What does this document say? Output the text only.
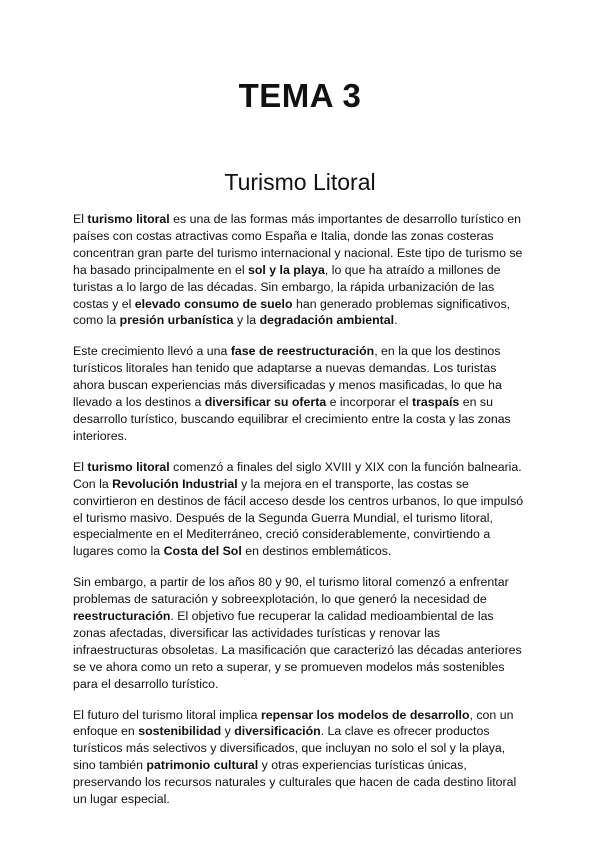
TEMA 3
Turismo Litoral

El turismo litoral es una de las formas más importantes de desarrollo turístico en países con costas atractivas como España e Italia, donde las zonas costeras concentran gran parte del turismo internacional y nacional. Este tipo de turismo se ha basado principalmente en el sol y la playa, lo que ha atraído a millones de turistas a lo largo de las décadas. Sin embargo, la rápida urbanización de las costas y el elevado consumo de suelo han generado problemas significativos, como la presión urbanística y la degradación ambiental.

Este crecimiento llevó a una fase de reestructuración, en la que los destinos turísticos litorales han tenido que adaptarse a nuevas demandas. Los turistas ahora buscan experiencias más diversificadas y menos masificadas, lo que ha llevado a los destinos a diversificar su oferta e incorporar el traspaís en su desarrollo turístico, buscando equilibrar el crecimiento entre la costa y las zonas interiores.

El turismo litoral comenzó a finales del siglo XVIII y XIX con la función balnearia. Con la Revolución Industrial y la mejora en el transporte, las costas se convirtieron en destinos de fácil acceso desde los centros urbanos, lo que impulsó el turismo masivo. Después de la Segunda Guerra Mundial, el turismo litoral, especialmente en el Mediterráneo, creció considerablemente, convirtiendo a lugares como la Costa del Sol en destinos emblemáticos.

Sin embargo, a partir de los años 80 y 90, el turismo litoral comenzó a enfrentar problemas de saturación y sobreexplotación, lo que generó la necesidad de reestructuración. El objetivo fue recuperar la calidad medioambiental de las zonas afectadas, diversificar las actividades turísticas y renovar las infraestructuras obsoletas. La masificación que caracterizó las décadas anteriores se ve ahora como un reto a superar, y se promueven modelos más sostenibles para el desarrollo turístico.

El futuro del turismo litoral implica repensar los modelos de desarrollo, con un enfoque en sostenibilidad y diversificación. La clave es ofrecer productos turísticos más selectivos y diversificados, que incluyan no solo el sol y la playa, sino también patrimonio cultural y otras experiencias turísticas únicas, preservando los recursos naturales y culturales que hacen de cada destino litoral un lugar especial.
